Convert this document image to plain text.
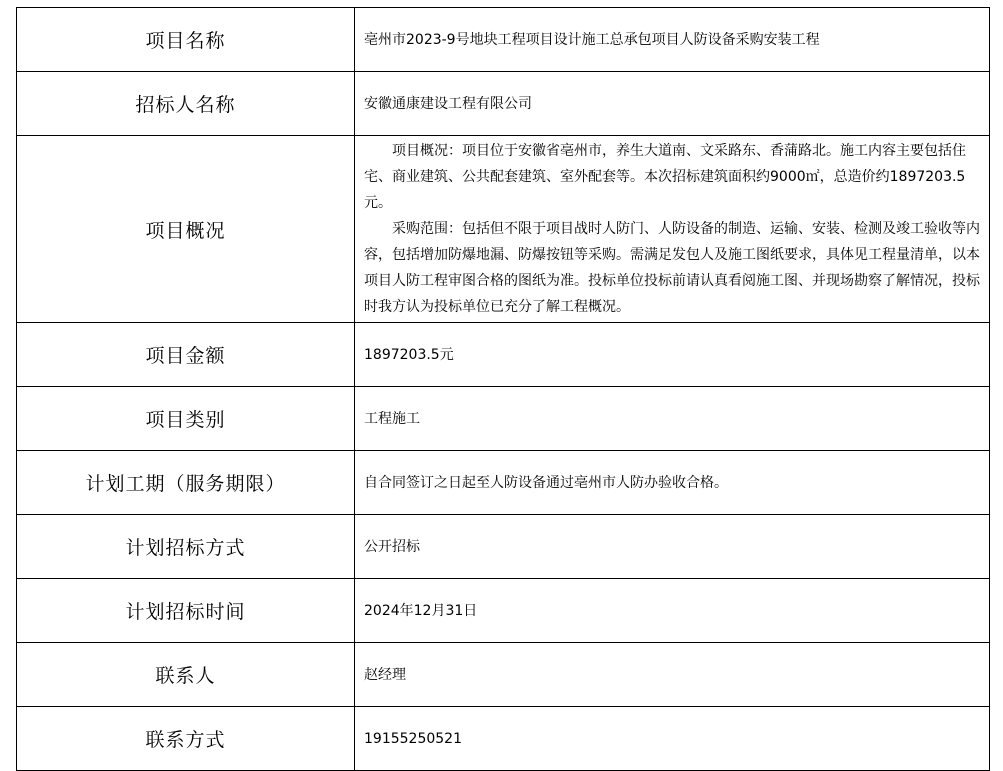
项目名称	亳州市2023-9号地块工程项目设计施工总承包项目人防设备采购安装工程
招标人名称	安徽通康建设工程有限公司
项目概况	项目概况：项目位于安徽省亳州市，养生大道南、文采路东、香蒲路北。施工内容主要包括住宅、商业建筑、公共配套建筑、室外配套等。本次招标建筑面积约9000㎡，总造价约1897203.5元。

采购范围：包括但不限于项目战时人防门、人防设备的制造、运输、安装、检测及竣工验收等内容，包括增加防爆地漏、防爆按钮等采购。需满足发包人及施工图纸要求，具体见工程量清单，以本项目人防工程审图合格的图纸为准。投标单位投标前请认真看阅施工图、并现场勘察了解情况，投标时我方认为投标单位已充分了解工程概况。

项目金额	1897203.5元
项目类别	工程施工
计划工期（服务期限）	自合同签订之日起至人防设备通过亳州市人防办验收合格。
计划招标方式	公开招标
计划招标时间	2024年12月31日
联系人	赵经理
联系方式	19155250521
